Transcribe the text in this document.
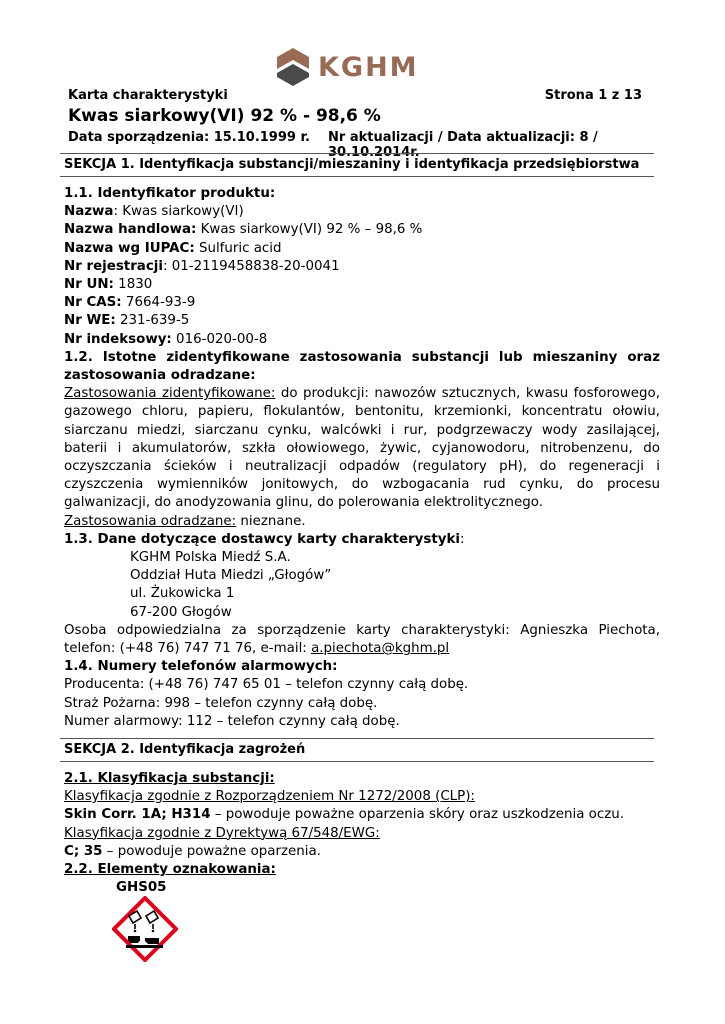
KGHM
Karta charakterystyki	Strona 1 z 13
Kwas siarkowy(VI) 92 % - 98,6 %
Data sporządzenia: 15.10.1999 r. Nr aktualizacji / Data aktualizacji: 8 / 30.10.2014r.
SEKCJA 1. Identyfikacja substancji/mieszaniny i identyfikacja przedsiębiorstwa

1.1. Identyfikator produktu:

Nazwa: Kwas siarkowy(VI)

Nazwa handlowa: Kwas siarkowy(VI) 92 % – 98,6 %

Nazwa wg IUPAC: Sulfuric acid

Nr rejestracji: 01-2119458838-20-0041

Nr UN: 1830

Nr CAS: 7664-93-9

Nr WE: 231-639-5

Nr indeksowy: 016-020-00-8

1.2. Istotne zidentyfikowane zastosowania substancji lub mieszaniny oraz zastosowania odradzane:

Zastosowania zidentyfikowane: do produkcji: nawozów sztucznych, kwasu fosforowego, gazowego chloru, papieru, flokulantów, bentonitu, krzemionki, koncentratu ołowiu, siarczanu miedzi, siarczanu cynku, walcówki i rur, podgrzewaczy wody zasilającej, baterii i akumulatorów, szkła ołowiowego, żywic, cyjanowodoru, nitrobenzenu, do oczyszczania ścieków i neutralizacji odpadów (regulatory pH), do regeneracji i czyszczenia wymienników jonitowych, do wzbogacania rud cynku, do procesu galwanizacji, do anodyzowania glinu, do polerowania elektrolitycznego.

Zastosowania odradzane: nieznane.

1.3. Dane dotyczące dostawcy karty charakterystyki:

KGHM Polska Miedź S.A.

Oddział Huta Miedzi „Głogów”

ul. Żukowicka 1

67-200 Głogów

Osoba odpowiedzialna za sporządzenie karty charakterystyki: Agnieszka Piechota, telefon: (+48 76) 747 71 76, e-mail: a.piechota@kghm.pl

1.4. Numery telefonów alarmowych:

Producenta: (+48 76) 747 65 01 – telefon czynny całą dobę.

Straż Pożarna: 998 – telefon czynny całą dobę.

Numer alarmowy: 112 – telefon czynny całą dobę.

SEKCJA 2. Identyfikacja zagrożeń

2.1. Klasyfikacja substancji:

Klasyfikacja zgodnie z Rozporządzeniem Nr 1272/2008 (CLP):

Skin Corr. 1A; H314 – powoduje poważne oparzenia skóry oraz uszkodzenia oczu.

Klasyfikacja zgodnie z Dyrektywą 67/548/EWG:

C; 35 – powoduje poważne oparzenia.

2.2. Elementy oznakowania:

GHS05
